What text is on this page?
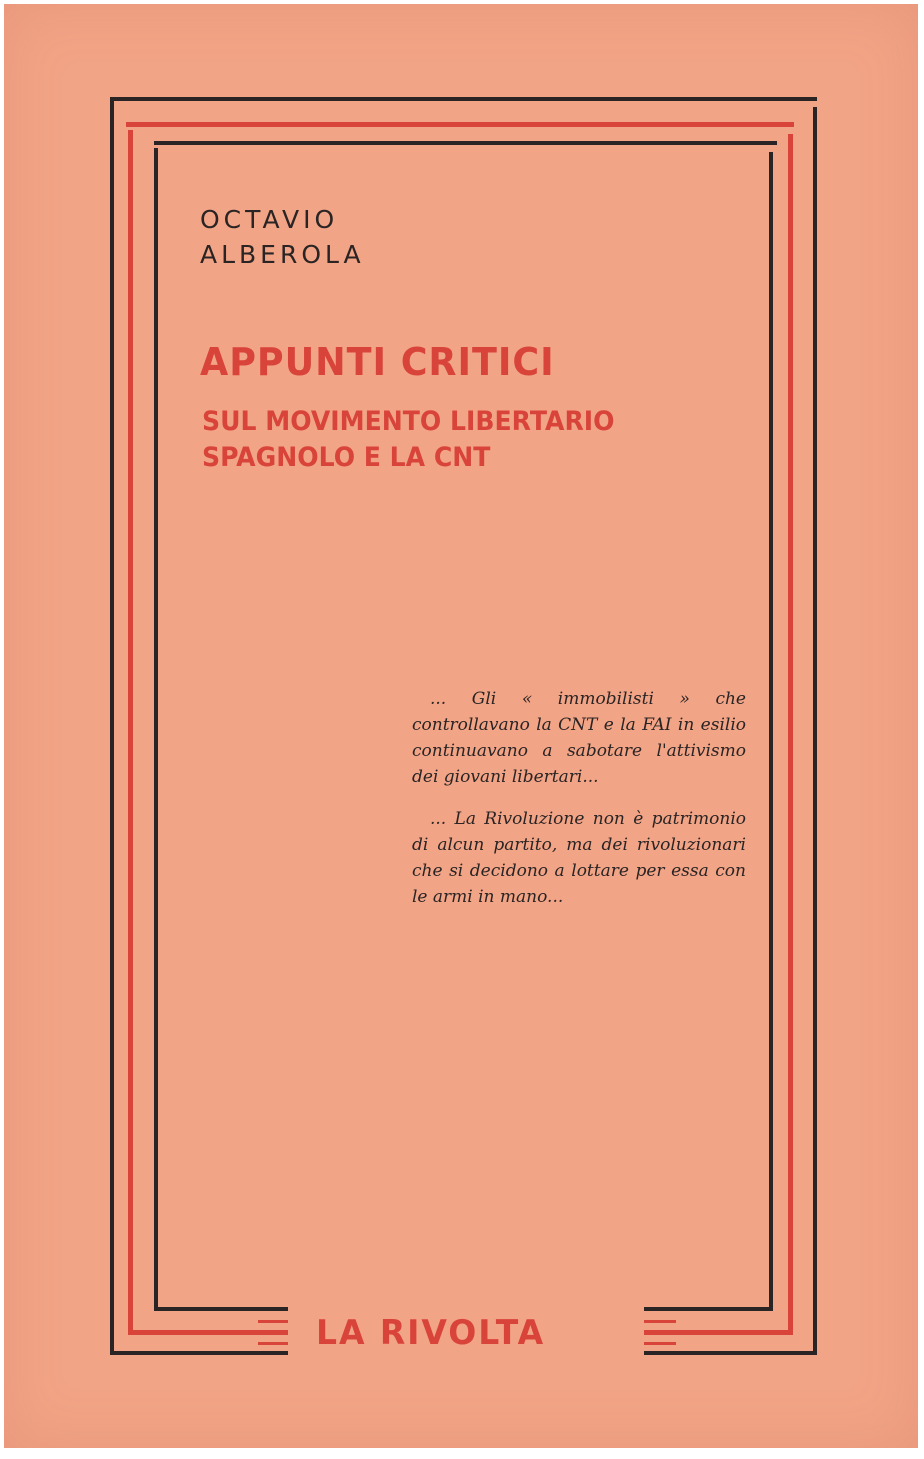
OCTAVIO
ALBEROLA
APPUNTI CRITICI
SUL MOVIMENTO LIBERTARIO
SPAGNOLO E LA CNT

... Gli « immobilisti » che controllavano la CNT e la FAI in esilio continuavano a sabotare l'attivismo dei giovani libertari...

... La Rivoluzione non è patrimonio di alcun partito, ma dei rivoluzionari che si decidono a lottare per essa con le armi in mano...

LA RIVOLTA
